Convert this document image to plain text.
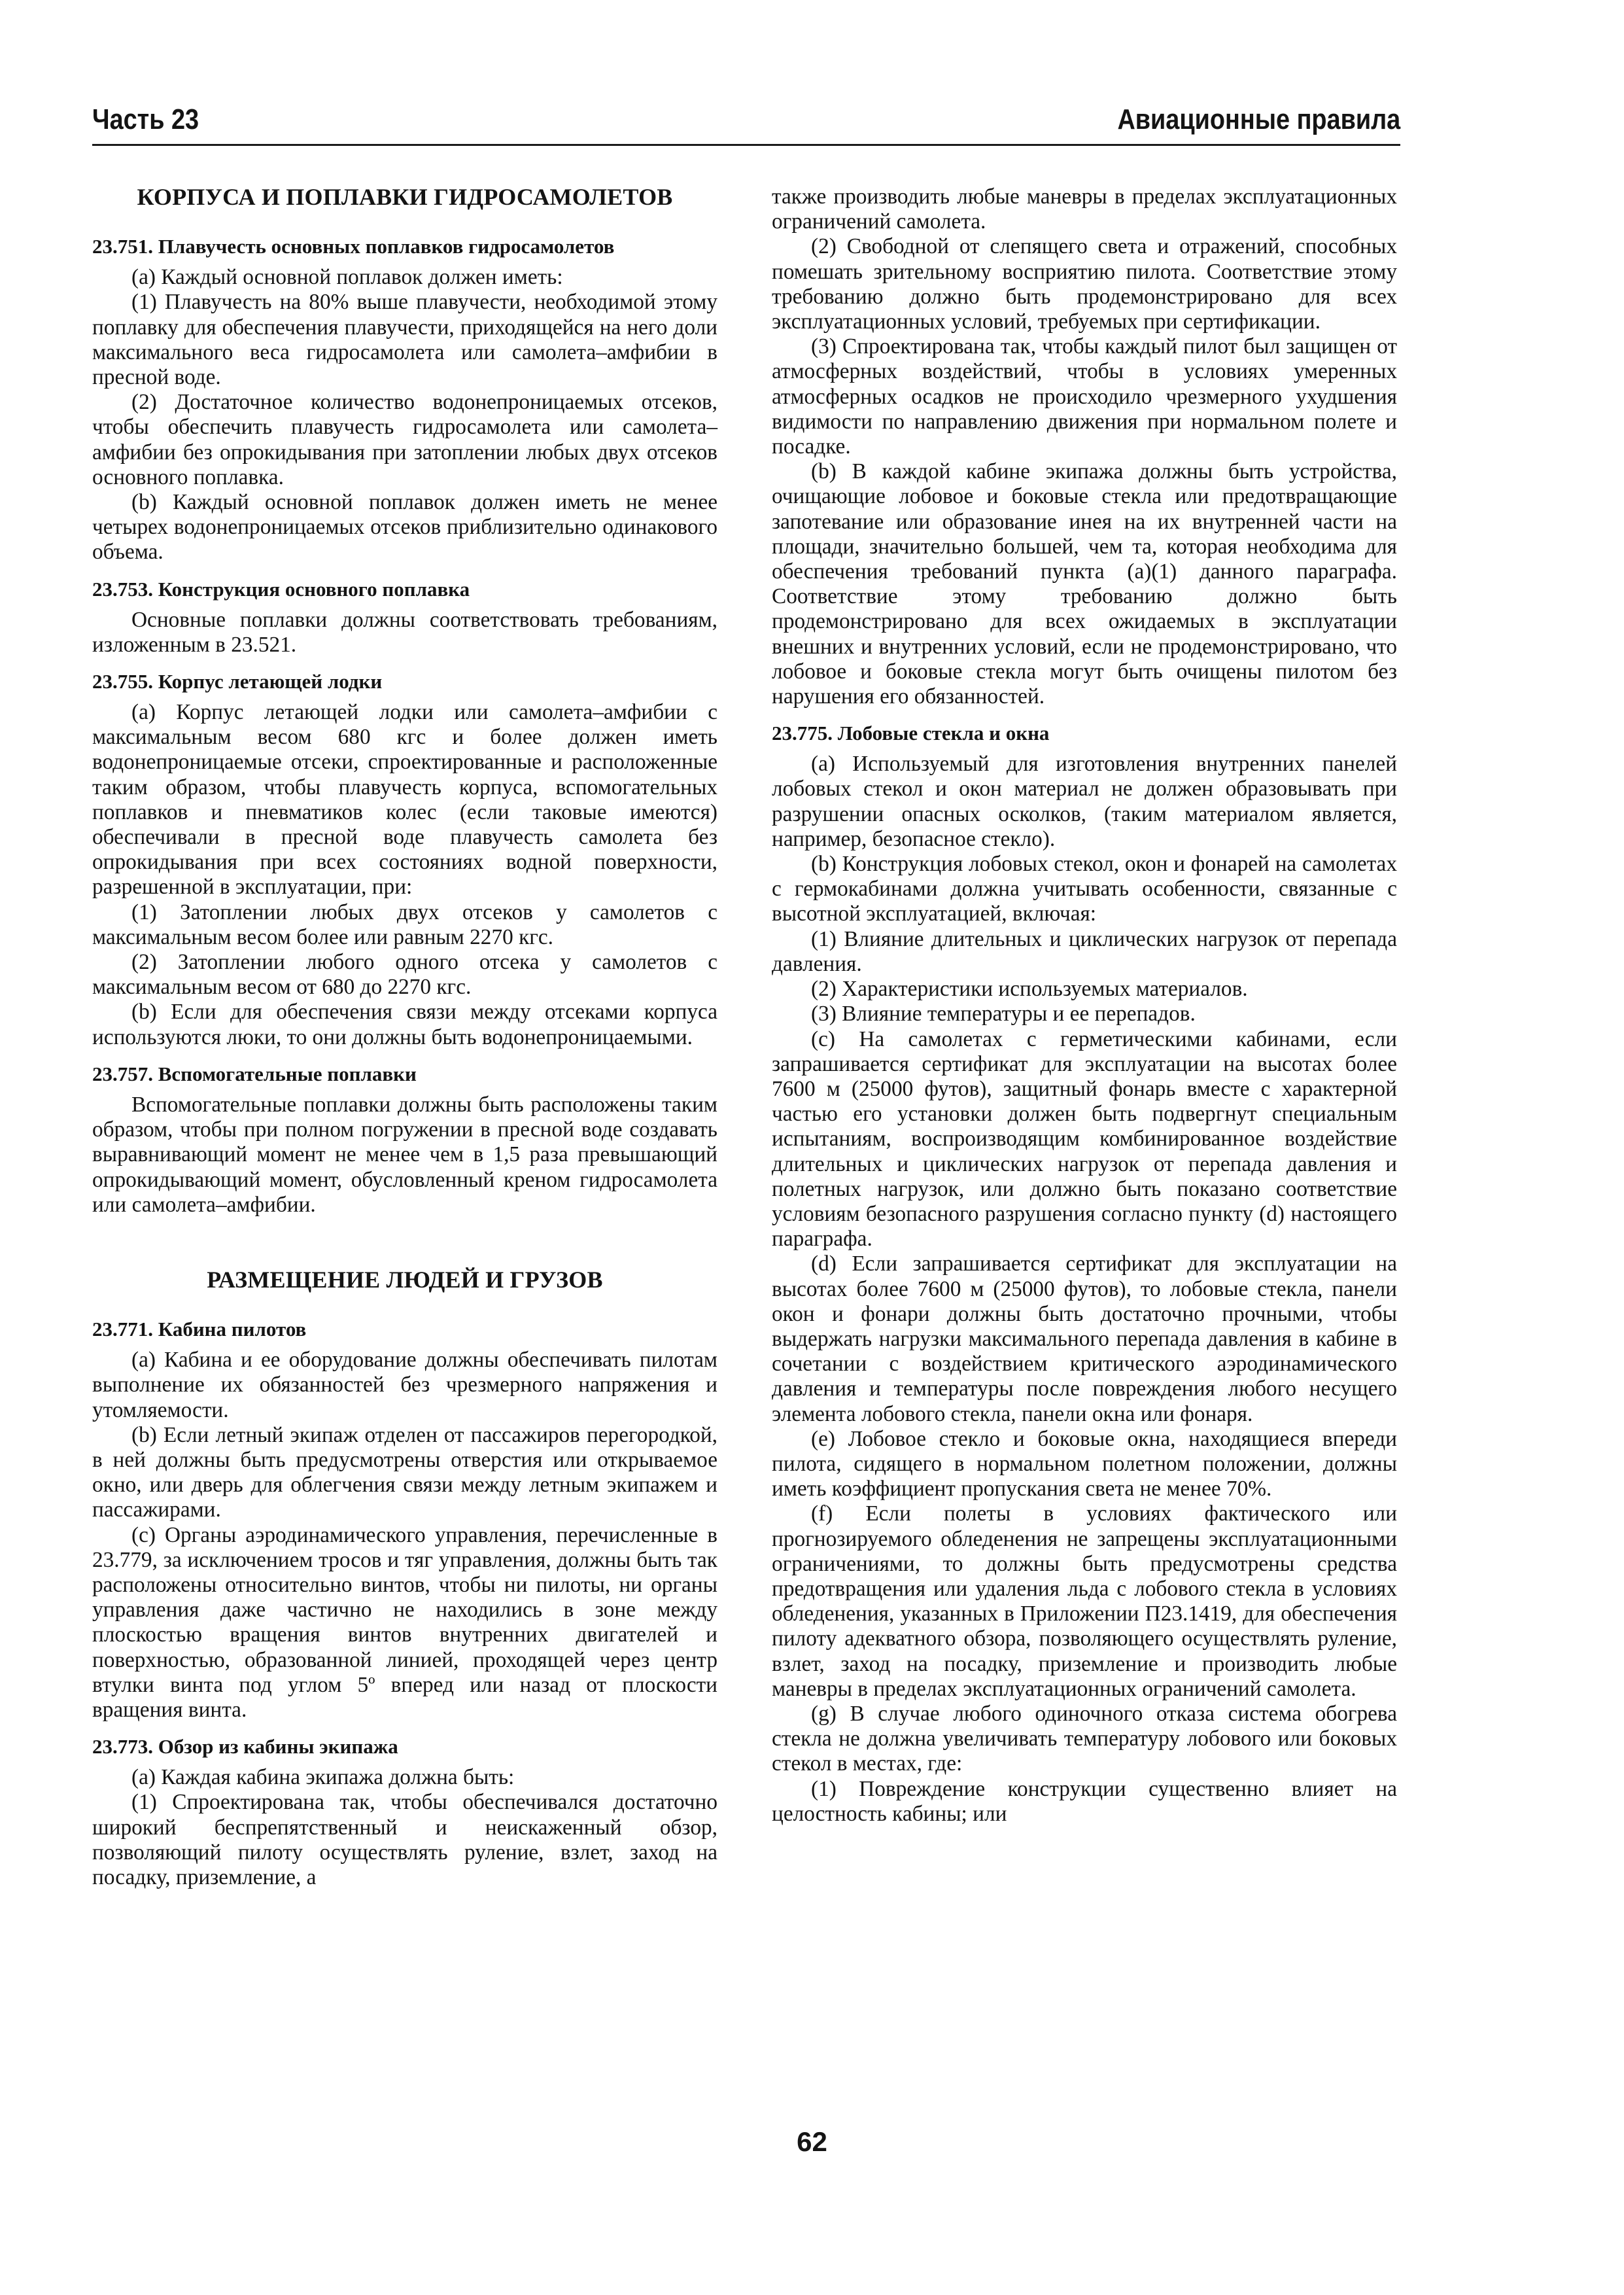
Часть 23	Авиационные правила
КОРПУСА И ПОПЛАВКИ ГИДРОСАМОЛЕТОВ
23.751. Плавучесть основных поплавков гидросамолетов

(а) Каждый основной поплавок должен иметь:

(1) Плавучесть на 80% выше плавучести, необходимой этому поплавку для обеспечения плавучести, приходящейся на него доли максимального веса гидросамолета или самолета–амфибии в пресной воде.

(2) Достаточное количество водонепроницаемых отсеков, чтобы обеспечить плавучесть гидросамолета или самолета–амфибии без опрокидывания при затоплении любых двух отсеков основного поплавка.

(b) Каждый основной поплавок должен иметь не менее четырех водонепроницаемых отсеков приблизительно одинакового объема.

23.753. Конструкция основного поплавка

Основные поплавки должны соответствовать требованиям, изложенным в 23.521.

23.755. Корпус летающей лодки

(а) Корпус летающей лодки или самолета–амфибии с максимальным весом 680 кгс и более должен иметь водонепроницаемые отсеки, спроектированные и расположенные таким образом, чтобы плавучесть корпуса, вспомогательных поплавков и пневматиков колес (если таковые имеются) обеспечивали в пресной воде плавучесть самолета без опрокидывания при всех состояниях водной поверхности, разрешенной в эксплуатации, при:

(1) Затоплении любых двух отсеков у самолетов с максимальным весом более или равным 2270 кгс.

(2) Затоплении любого одного отсека у самолетов с максимальным весом от 680 до 2270 кгс.

(b) Если для обеспечения связи между отсеками корпуса используются люки, то они должны быть водонепроницаемыми.

23.757. Вспомогательные поплавки

Вспомогательные поплавки должны быть расположены таким образом, чтобы при полном погружении в пресной воде создавать выравнивающий момент не менее чем в 1,5 раза превышающий опрокидывающий момент, обусловленный креном гидросамолета или самолета–амфибии.

РАЗМЕЩЕНИЕ ЛЮДЕЙ И ГРУЗОВ
23.771. Кабина пилотов

(а) Кабина и ее оборудование должны обеспечивать пилотам выполнение их обязанностей без чрезмерного напряжения и утомляемости.

(b) Если летный экипаж отделен от пассажиров перегородкой, в ней должны быть предусмотрены отверстия или открываемое окно, или дверь для облегчения связи между летным экипажем и пассажирами.

(с) Органы аэродинамического управления, перечисленные в 23.779, за исключением тросов и тяг управления, должны быть так расположены относительно винтов, чтобы ни пилоты, ни органы управления даже частично не находились в зоне между плоскостью вращения винтов внутренних двигателей и поверхностью, образованной линией, проходящей через центр втулки винта под углом 5º вперед или назад от плоскости вращения винта.

23.773. Обзор из кабины экипажа

(а) Каждая кабина экипажа должна быть:

(1) Спроектирована так, чтобы обеспечивался достаточно широкий беспрепятственный и неискаженный обзор, позволяющий пилоту осуществлять руление, взлет, заход на посадку, приземление, а

также производить любые маневры в пределах эксплуатационных ограничений самолета.

(2) Свободной от слепящего света и отражений, способных помешать зрительному восприятию пилота. Соответствие этому требованию должно быть продемонстрировано для всех эксплуатационных условий, требуемых при сертификации.

(3) Спроектирована так, чтобы каждый пилот был защищен от атмосферных воздействий, чтобы в условиях умеренных атмосферных осадков не происходило чрезмерного ухудшения видимости по направлению движения при нормальном полете и посадке.

(b) В каждой кабине экипажа должны быть устройства, очищающие лобовое и боковые стекла или предотвращающие запотевание или образование инея на их внутренней части на площади, значительно большей, чем та, которая необходима для обеспечения требований пункта (а)(1) данного параграфа. Соответствие этому требованию должно быть продемонстрировано для всех ожидаемых в эксплуатации внешних и внутренних условий, если не продемонстрировано, что лобовое и боковые стекла могут быть очищены пилотом без нарушения его обязанностей.

23.775. Лобовые стекла и окна

(а) Используемый для изготовления внутренних панелей лобовых стекол и окон материал не должен образовывать при разрушении опасных осколков, (таким материалом является, например, безопасное стекло).

(b) Конструкция лобовых стекол, окон и фонарей на самолетах с гермокабинами должна учитывать особенности, связанные с высотной эксплуатацией, включая:

(1) Влияние длительных и циклических нагрузок от перепада давления.

(2) Характеристики используемых материалов.

(3) Влияние температуры и ее перепадов.

(с) На самолетах с герметическими кабинами, если запрашивается сертификат для эксплуатации на высотах более 7600 м (25000 футов), защитный фонарь вместе с характерной частью его установки должен быть подвергнут специальным испытаниям, воспроизводящим комбинированное воздействие длительных и циклических нагрузок от перепада давления и полетных нагрузок, или должно быть показано соответствие условиям безопасного разрушения согласно пункту (d) настоящего параграфа.

(d) Если запрашивается сертификат для эксплуатации на высотах более 7600 м (25000 футов), то лобовые стекла, панели окон и фонари должны быть достаточно прочными, чтобы выдержать нагрузки максимального перепада давления в кабине в сочетании с воздействием критического аэродинамического давления и температуры после повреждения любого несущего элемента лобового стекла, панели окна или фонаря.

(е) Лобовое стекло и боковые окна, находящиеся впереди пилота, сидящего в нормальном полетном положении, должны иметь коэффициент пропускания света не менее 70%.

(f) Если полеты в условиях фактического или прогнозируемого обледенения не запрещены эксплуатационными ограничениями, то должны быть предусмотрены средства предотвращения или удаления льда с лобового стекла в условиях обледенения, указанных в Приложении П23.1419, для обеспечения пилоту адекватного обзора, позволяющего осуществлять руление, взлет, заход на посадку, приземление и производить любые маневры в пределах эксплуатационных ограничений самолета.

(g) В случае любого одиночного отказа система обогрева стекла не должна увеличивать температуру лобового или боковых стекол в местах, где:

(1) Повреждение конструкции существенно влияет на целостность кабины; или

62
